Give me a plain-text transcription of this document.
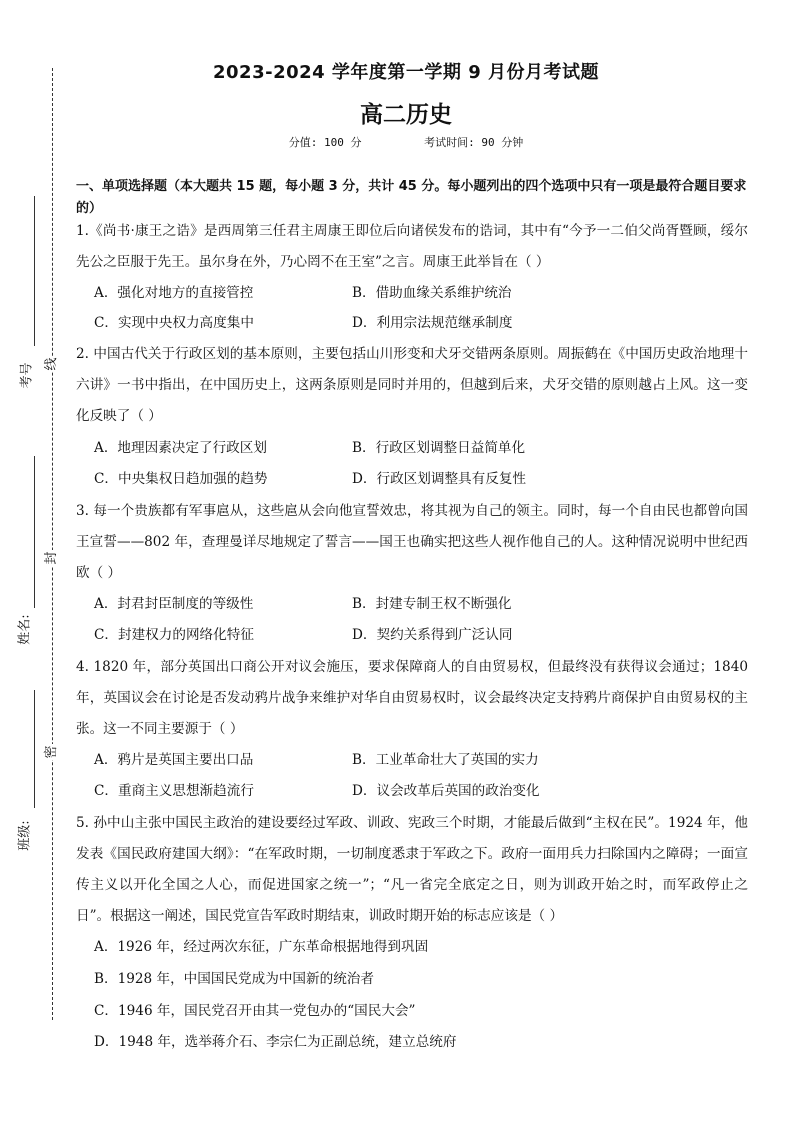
线
封
密
考号
姓名:
班级:
2023-2024 学年度第一学期 9 月份月考试题
高二历史
分值: 100 分	考试时间: 90 分钟
一、单项选择题（本大题共 15 题，每小题 3 分，共计 45 分。每小题列出的四个选项中只有一项是最符合题目要求的）
1.《尚书·康王之诰》是西周第三任君主周康王即位后向诸侯发布的诰词，其中有“今予一二伯父尚胥暨顾，绥尔先公之臣服于先王。虽尔身在外，乃心罔不在王室”之言。周康王此举旨在（ ）
A．强化对地方的直接管控	B．借助血缘关系维护统治
C．实现中央权力高度集中	D．利用宗法规范继承制度
2. 中国古代关于行政区划的基本原则，主要包括山川形变和犬牙交错两条原则。周振鹤在《中国历史政治地理十六讲》一书中指出，在中国历史上，这两条原则是同时并用的，但越到后来，犬牙交错的原则越占上风。这一变化反映了（ ）
A．地理因素决定了行政区划	B．行政区划调整日益简单化
C．中央集权日趋加强的趋势	D．行政区划调整具有反复性
3. 每一个贵族都有军事扈从，这些扈从会向他宣誓效忠，将其视为自己的领主。同时，每一个自由民也都曾向国王宣誓——802 年，查理曼详尽地规定了誓言——国王也确实把这些人视作他自己的人。这种情况说明中世纪西欧（ ）
A．封君封臣制度的等级性	B．封建专制王权不断强化
C．封建权力的网络化特征	D．契约关系得到广泛认同
4. 1820 年，部分英国出口商公开对议会施压，要求保障商人的自由贸易权，但最终没有获得议会通过；1840 年，英国议会在讨论是否发动鸦片战争来维护对华自由贸易权时，议会最终决定支持鸦片商保护自由贸易权的主张。这一不同主要源于（ ）
A．鸦片是英国主要出口品	B．工业革命壮大了英国的实力
C．重商主义思想渐趋流行	D．议会改革后英国的政治变化
5. 孙中山主张中国民主政治的建设要经过军政、训政、宪政三个时期，才能最后做到“主权在民”。1924 年，他发表《国民政府建国大纲》：“在军政时期，一切制度悉隶于军政之下。政府一面用兵力扫除国内之障碍；一面宣传主义以开化全国之人心，而促进国家之统一”；“凡一省完全底定之日，则为训政开始之时，而军政停止之日”。根据这一阐述，国民党宣告军政时期结束，训政时期开始的标志应该是（ ）
A．1926 年，经过两次东征，广东革命根据地得到巩固
B．1928 年，中国国民党成为中国新的统治者
C．1946 年，国民党召开由其一党包办的“国民大会”
D．1948 年，选举蒋介石、李宗仁为正副总统，建立总统府
